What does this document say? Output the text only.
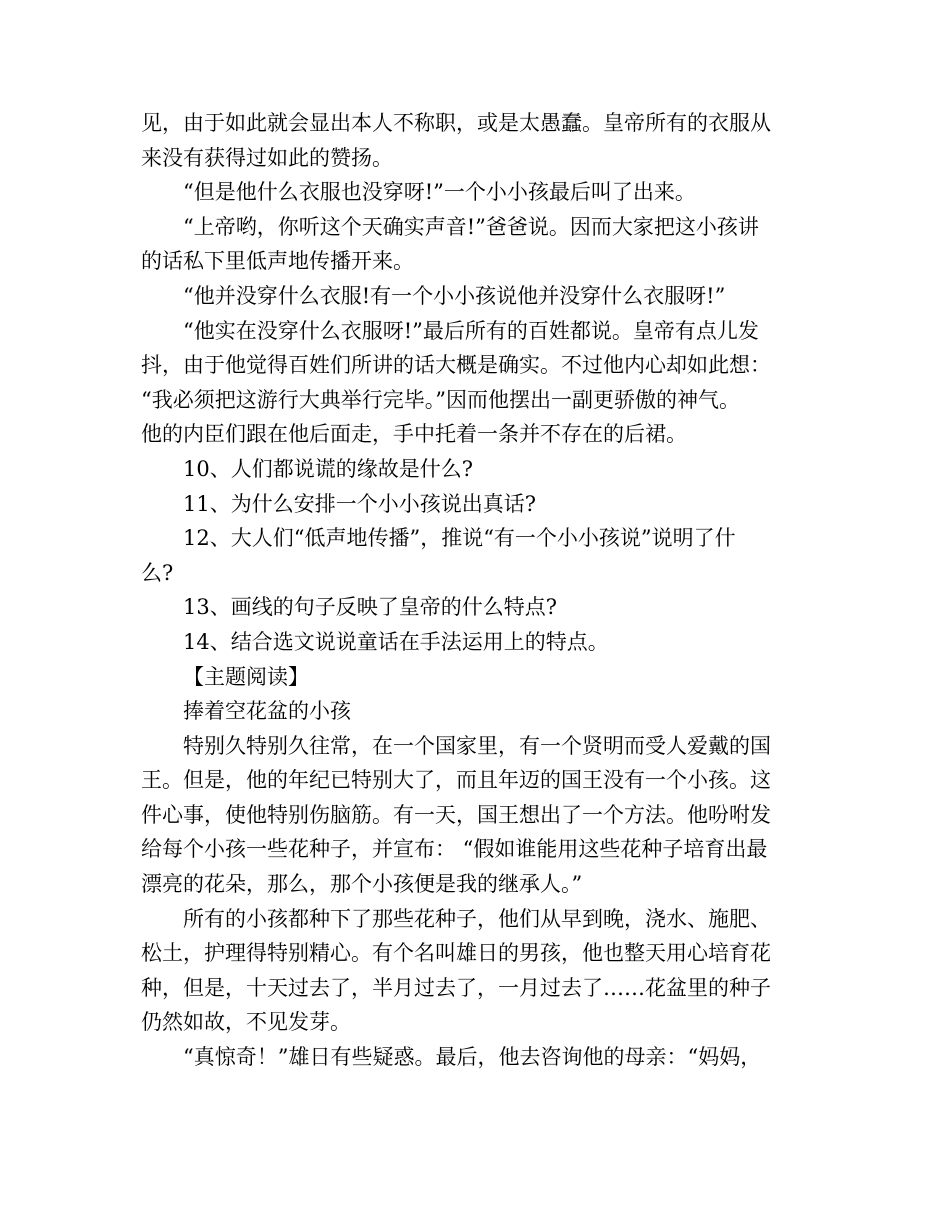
见，由于如此就会显出本人不称职，或是太愚蠢。皇帝所有的衣服从
来没有获得过如此的赞扬。
“但是他什么衣服也没穿呀!”一个小小孩最后叫了出来。
“上帝哟，你听这个天确实声音!”爸爸说。因而大家把这小孩讲
的话私下里低声地传播开来。
“他并没穿什么衣服!有一个小小孩说他并没穿什么衣服呀!”
“他实在没穿什么衣服呀!”最后所有的百姓都说。皇帝有点儿发
抖，由于他觉得百姓们所讲的话大概是确实。不过他内心却如此想：
“我必须把这游行大典举行完毕。”因而他摆出一副更骄傲的神气。
他的内臣们跟在他后面走，手中托着一条并不存在的后裙。
10、人们都说谎的缘故是什么?
11、为什么安排一个小小孩说出真话?
12、大人们“低声地传播”，推说“有一个小小孩说”说明了什
么?
13、画线的句子反映了皇帝的什么特点?
14、结合选文说说童话在手法运用上的特点。
【主题阅读】
捧着空花盆的小孩
特别久特别久往常，在一个国家里，有一个贤明而受人爱戴的国
王。但是，他的年纪已特别大了，而且年迈的国王没有一个小孩。这
件心事，使他特别伤脑筋。有一天，国王想出了一个方法。他吩咐发
给每个小孩一些花种子，并宣布： “假如谁能用这些花种子培育出最
漂亮的花朵，那么，那个小孩便是我的继承人。”
所有的小孩都种下了那些花种子，他们从早到晚，浇水、施肥、
松土，护理得特别精心。有个名叫雄日的男孩，他也整天用心培育花
种，但是，十天过去了，半月过去了，一月过去了……花盆里的种子
仍然如故，不见发芽。
“真惊奇！”雄日有些疑惑。最后，他去咨询他的母亲：“妈妈，
